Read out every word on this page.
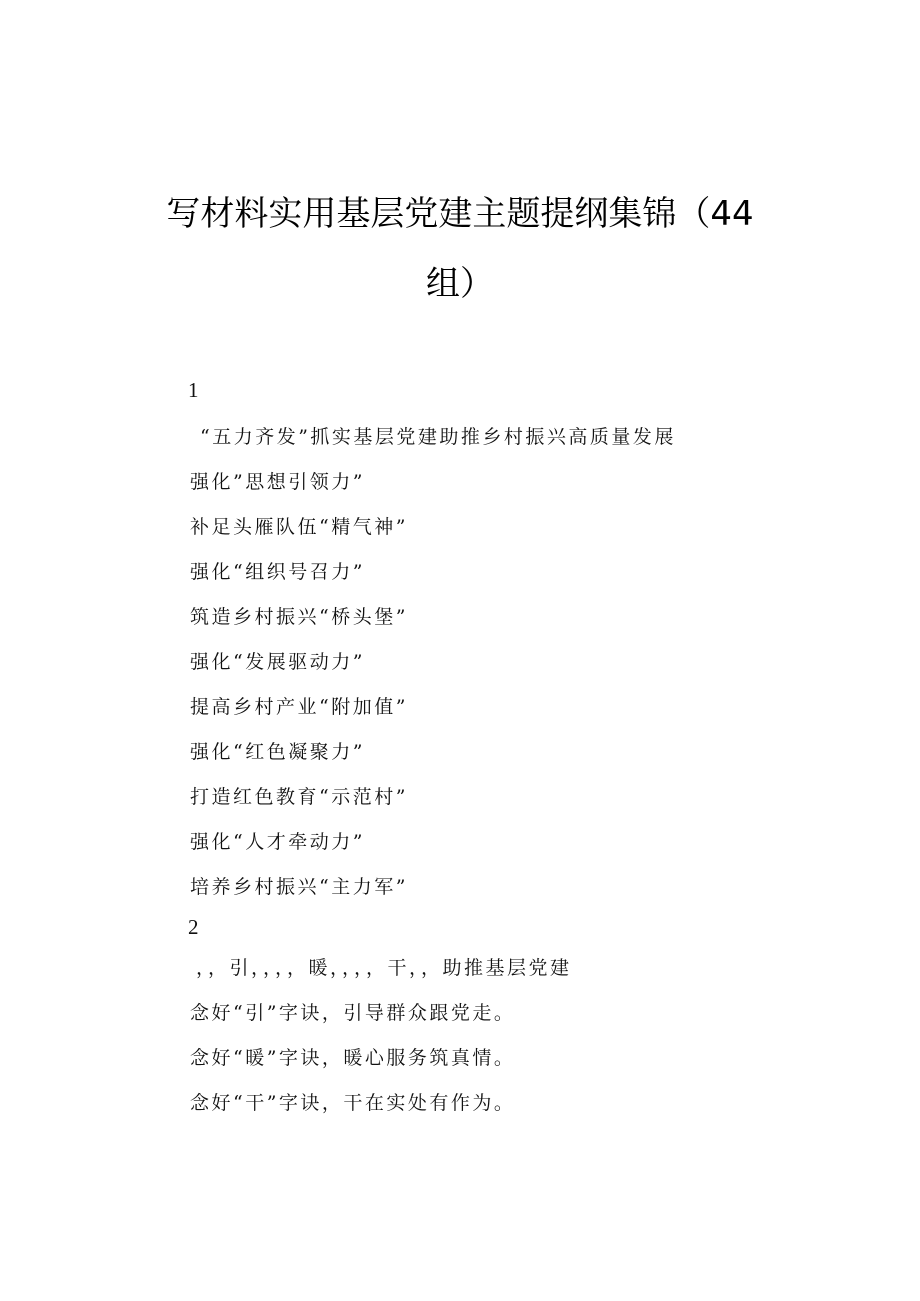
写材料实用基层党建主题提纲集锦（44
组）
1
“五力齐发”抓实基层党建助推乡村振兴高质量发展
强化”思想引领力”
补足头雁队伍“精气神”
强化“组织号召力”
筑造乡村振兴“桥头堡”
强化“发展驱动力”
提高乡村产业“附加值”
强化“红色凝聚力”
打造红色教育“示范村”
强化“人才牵动力”
培养乡村振兴“主力军”
2
，，引，，，，暖，，，，干，，助推基层党建
念好“引”字诀，引导群众跟党走。
念好“暖”字诀，暖心服务筑真情。
念好“干”字诀，干在实处有作为。
